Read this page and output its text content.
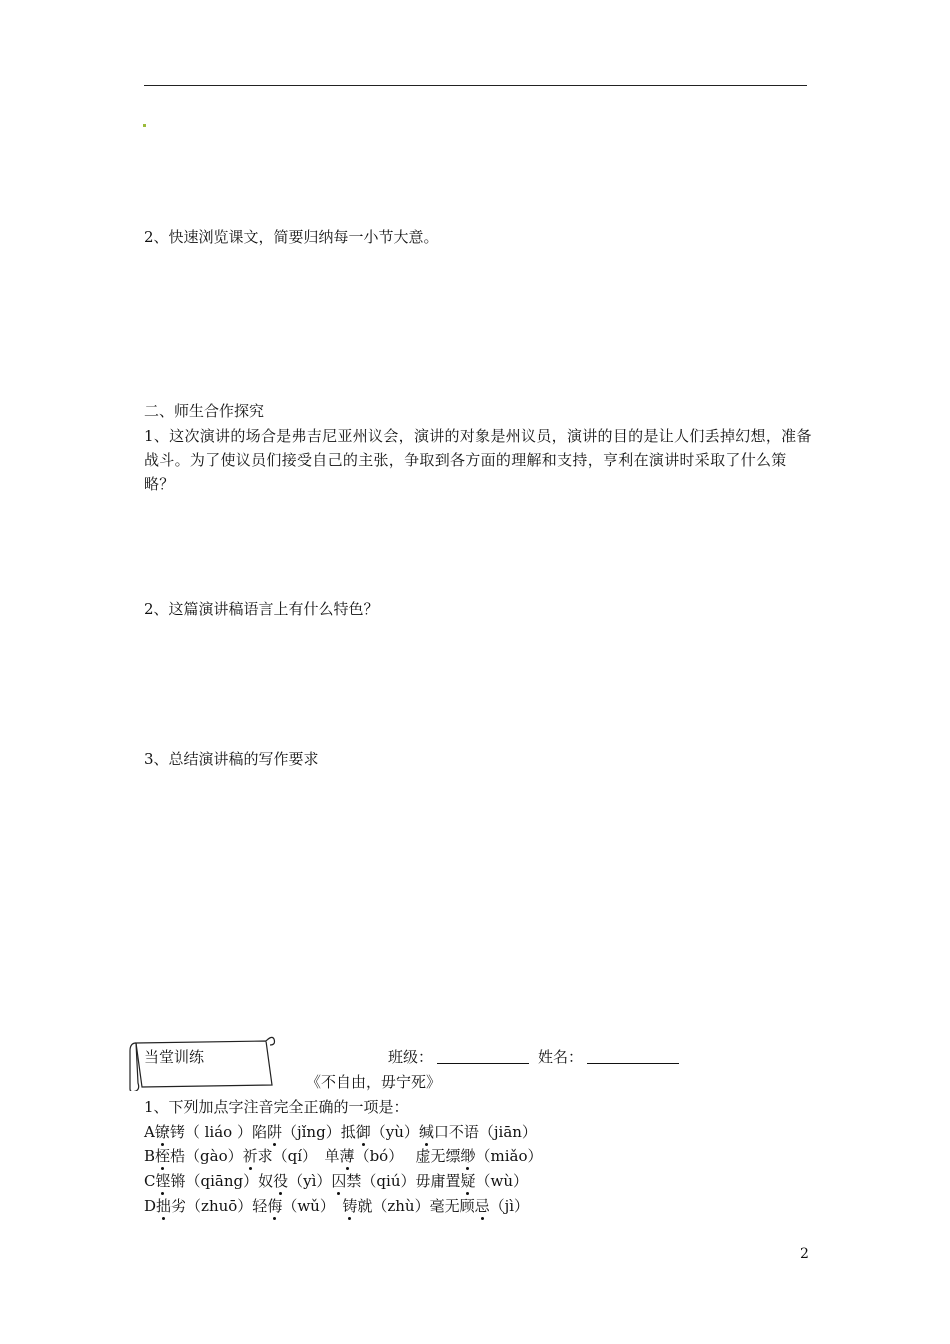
2、快速浏览课文，简要归纳每一小节大意。
二、师生合作探究
1、这次演讲的场合是弗吉尼亚州议会，演讲的对象是州议员，演讲的目的是让人们丢掉幻想，准备战斗。为了使议员们接受自己的主张，争取到各方面的理解和支持，亨利在演讲时采取了什么策略？
2、这篇演讲稿语言上有什么特色？
3、总结演讲稿的写作要求
当堂训练	班级：	姓名：
《不自由，毋宁死》
1、下列加点字注音完全正确的一项是：
A镣铐（ liáo ）陷阱（jǐng）抵御（yù）缄口不语（jiān）
B桎梏（gào）祈求（qí）　单薄（bó）　 虚无缥缈（miǎo）
C铿锵（qiāng）奴役（yì）囚禁（qiú）毋庸置疑（wù）
D拙劣（zhuō）轻侮（wǔ）　铸就（zhù）毫无顾忌（jì）
2
